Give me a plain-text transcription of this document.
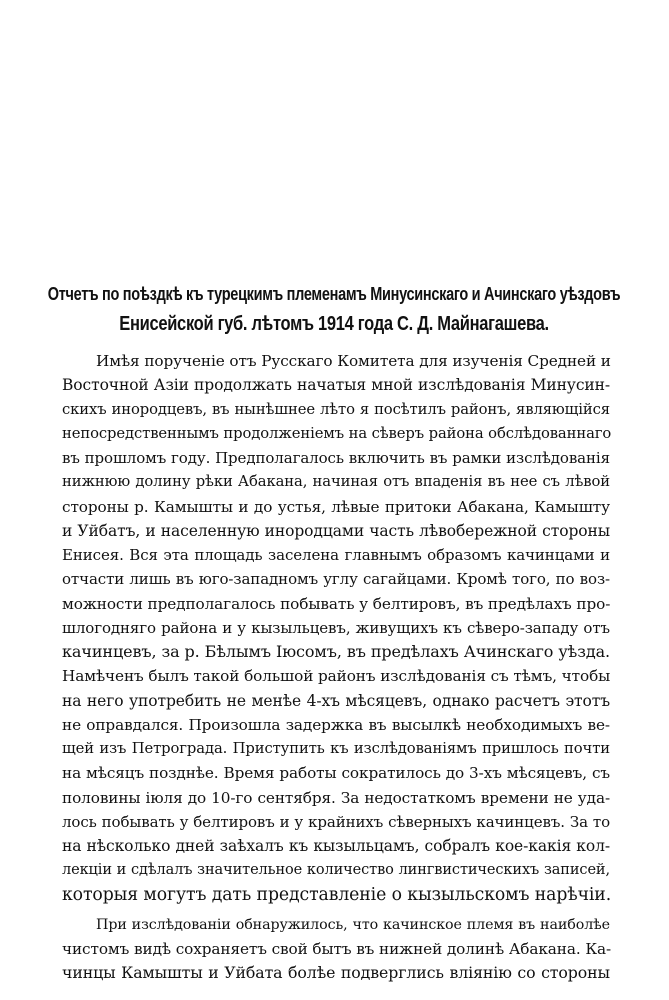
Отчетъ по поѣздкѣ къ турецкимъ племенамъ Минусинскаго и Ачинскаго уѣздовъ
Енисейской губ. лѣтомъ 1914 года С. Д. Майнагашева.
Имѣя порученіе отъ Русскаго Комитета для изученія Средней и
Восточной Азіи продолжать начатыя мной изслѣдованія Минусин-
скихъ инородцевъ, въ нынѣшнее лѣто я посѣтилъ районъ, являющійся
непосредственнымъ продолженіемъ на сѣверъ района обслѣдованнаго
въ прошломъ году. Предполагалось включить въ рамки изслѣдованія
нижнюю долину рѣки Абакана, начиная отъ впаденія въ нее съ лѣвой
стороны р. Камышты и до устья, лѣвые притоки Абакана, Камышту
и Уйбатъ, и населенную инородцами часть лѣвобережной стороны
Енисея. Вся эта площадь заселена главнымъ образомъ качинцами и
отчасти лишь въ юго-западномъ углу сагайцами. Кромѣ того, по воз-
можности предполагалось побывать у белтировъ, въ предѣлахъ про-
шлогодняго района и у кызыльцевъ, живущихъ къ сѣверо-западу отъ
качинцевъ, за р. Бѣлымъ Іюсомъ, въ предѣлахъ Ачинскаго уѣзда.
Намѣченъ былъ такой большой районъ изслѣдованія съ тѣмъ, чтобы
на него употребить не менѣе 4-хъ мѣсяцевъ, однако расчетъ этотъ
не оправдался. Произошла задержка въ высылкѣ необходимыхъ ве-
щей изъ Петрограда. Приступить къ изслѣдованіямъ пришлось почти
на мѣсяцъ позднѣе. Время работы сократилось до 3-хъ мѣсяцевъ, съ
половины іюля до 10-го сентября. За недостаткомъ времени не уда-
лось побывать у белтировъ и у крайнихъ сѣверныхъ качинцевъ. За то
на нѣсколько дней заѣхалъ къ кызыльцамъ, собралъ кое-какія кол-
лекціи и сдѣлалъ значительное количество лингвистическихъ записей,
которыя могутъ дать представленіе о кызыльскомъ нарѣчіи.
При изслѣдованіи обнаружилось, что качинское племя въ наиболѣе
чистомъ видѣ сохраняетъ свой бытъ въ нижней долинѣ Абакана. Ка-
чинцы Камышты и Уйбата болѣе подверглись вліянію со стороны
